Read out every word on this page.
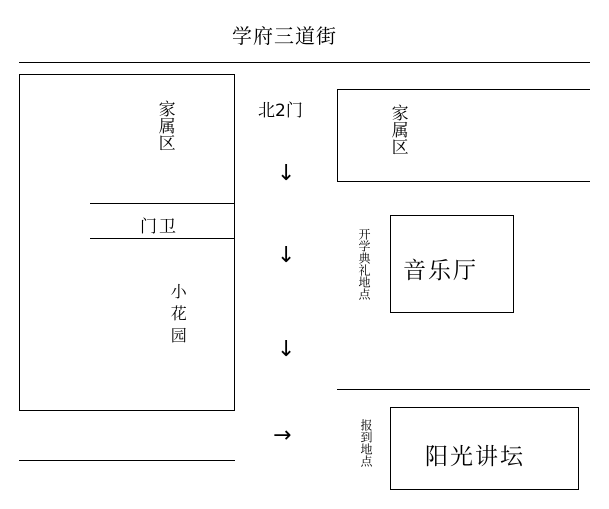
学府三道街
家属区
门卫
小花园
北2门
↓
↓
↓
→
家属区
开学典礼地点 音乐厅
报到地点 阳光讲坛
